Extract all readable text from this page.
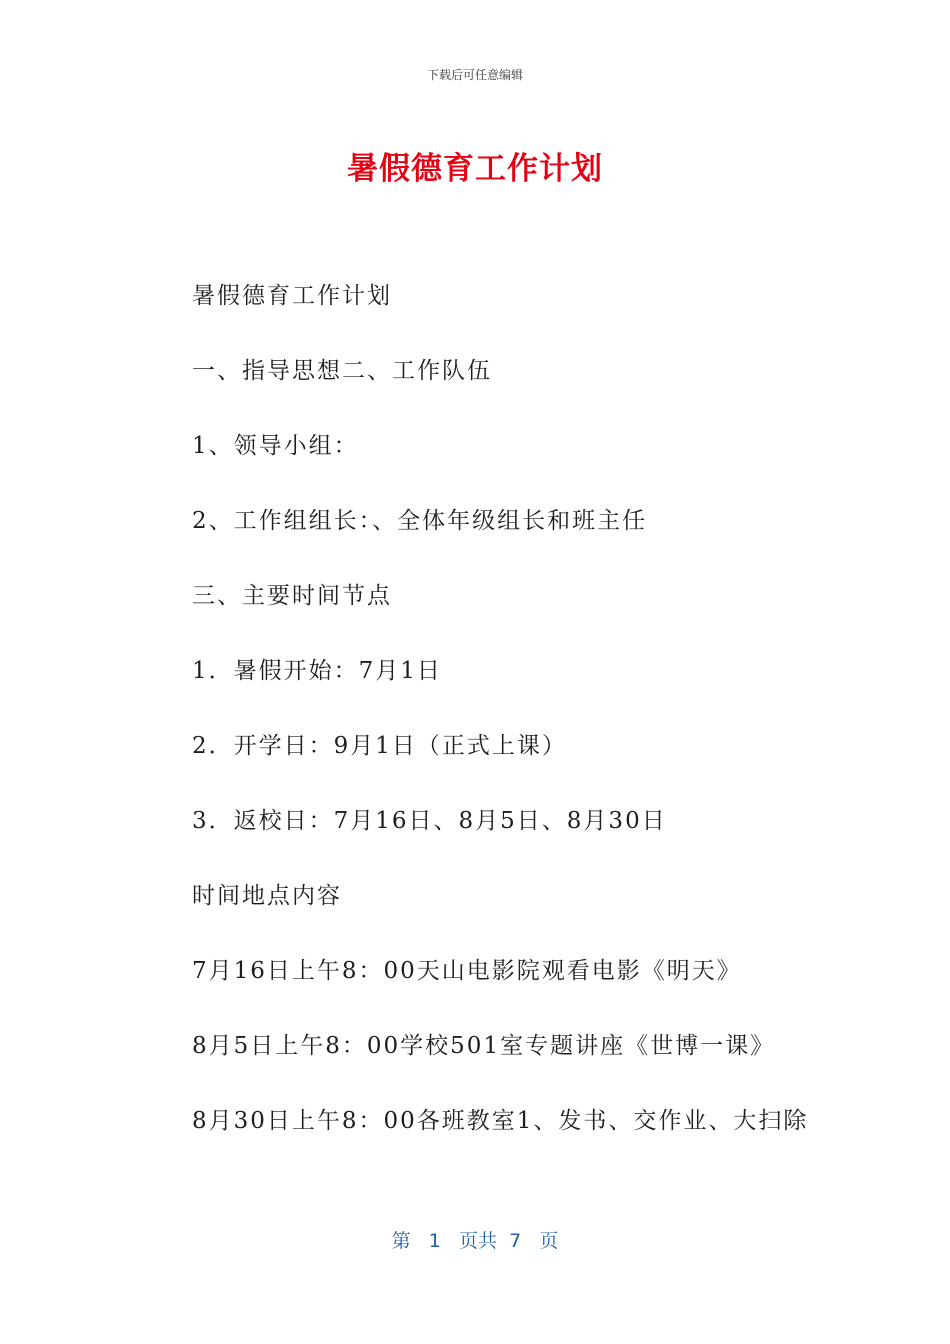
下载后可任意编辑
暑假德育工作计划
暑假德育工作计划
一、指导思想二、工作队伍
1、领导小组：
2、工作组组长：、全体年级组长和班主任
三、主要时间节点
1．暑假开始：7月1日
2．开学日：9月1日（正式上课）
3．返校日：7月16日、8月5日、8月30日
时间地点内容
7月16日上午8：00天山电影院观看电影《明天》
8月5日上午8：00学校501室专题讲座《世博一课》
8月30日上午8：00各班教室1、发书、交作业、大扫除
第 1 页共 7 页
